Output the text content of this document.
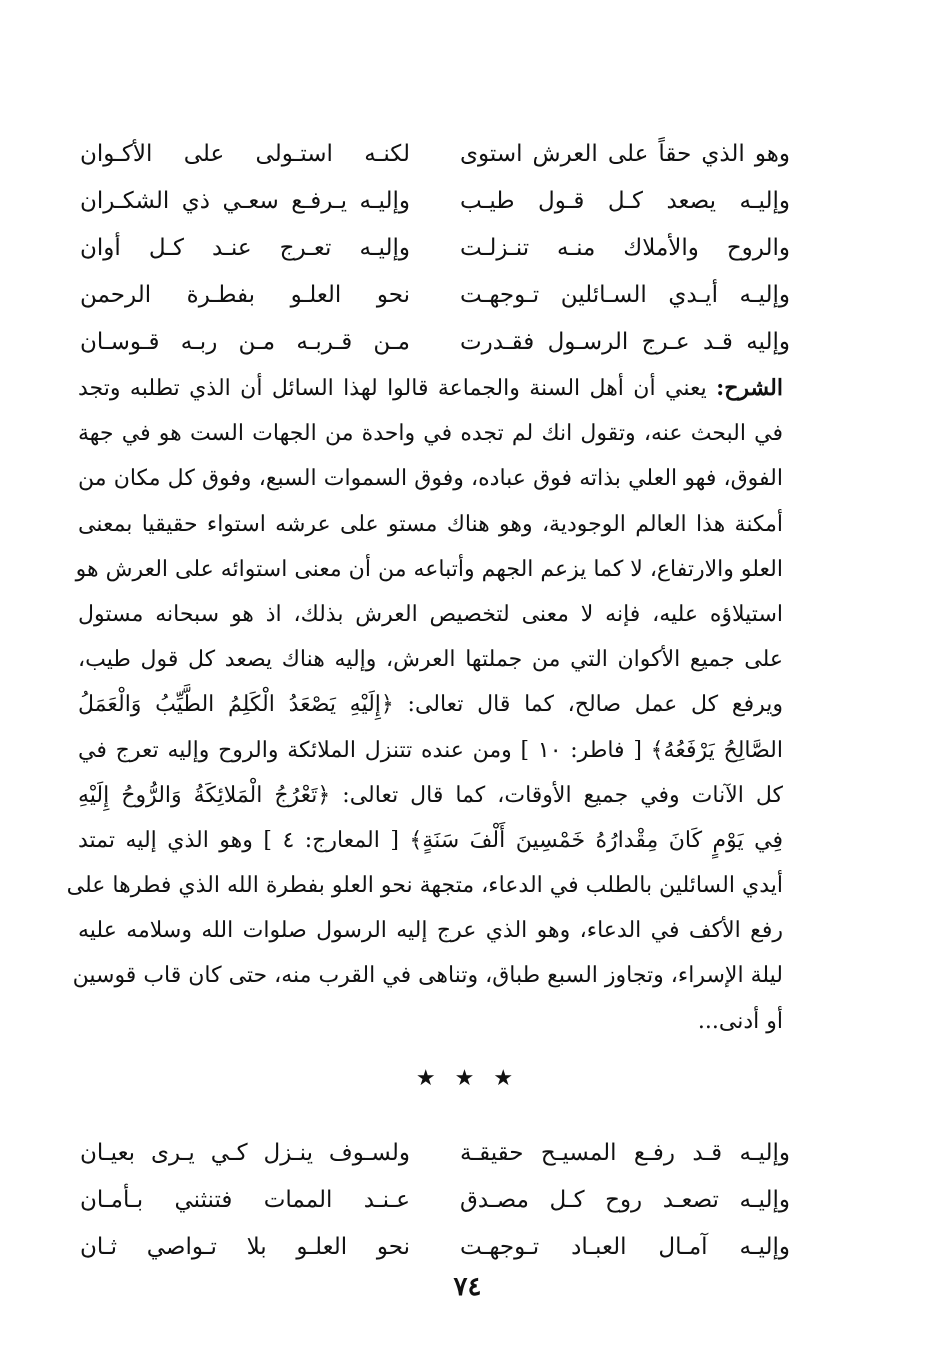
وهو الذي حقاً على العرش استوى
لكنـه استـولى على الأكـوان
وإليـه يصعد كـل قـول طيـب
وإليـه يـرفـع سعـي ذي الشكـران
والروح والأملاك منـه تنـزلـت
وإليـه تعـرج عنـد كـل أوان
وإليـه أيـدي السـائلين تـوجهـت
نحو العلـو بفطـرة الرحمن
وإليه قـد عـرج الرسـول فقـدرت
مـن قـربـه مـن ربـه قـوسـان
الشرح: يعني أن أهل السنة والجماعة قالوا لهذا السائل أن الذي تطلبه وتجد
في البحث عنه، وتقول انك لم تجده في واحدة من الجهات الست هو في جهة
الفوق، فهو العلي بذاته فوق عباده، وفوق السموات السبع، وفوق كل مكان من
أمكنة هذا العالم الوجودية، وهو هناك مستو على عرشه استواء حقيقيا بمعنى
العلو والارتفاع، لا كما يزعم الجهم وأتباعه من أن معنى استوائه على العرش هو
استيلاؤه عليه، فإنه لا معنى لتخصيص العرش بذلك، اذ هو سبحانه مستول
على جميع الأكوان التي من جملتها العرش، وإليه هناك يصعد كل قول طيب،
ويرفع كل عمل صالح، كما قال تعالى: ﴿إِلَيْهِ يَصْعَدُ الْكَلِمُ الطَّيِّبُ وَالْعَمَلُ
الصَّالِحُ يَرْفَعُهُ﴾ [ فاطر: ١٠ ] ومن عنده تتنزل الملائكة والروح وإليه تعرج في
كل الآنات وفي جميع الأوقات، كما قال تعالى: ﴿تَعْرُجُ الْمَلائِكَةُ وَالرُّوحُ إِلَيْهِ
فِي يَوْمٍ كَانَ مِقْدارُهُ خَمْسِينَ أَلْفَ سَنَةٍ﴾ [ المعارج: ٤ ] وهو الذي إليه تمتد
أيدي السائلين بالطلب في الدعاء، متجهة نحو العلو بفطرة الله الذي فطرها على
رفع الأكف في الدعاء، وهو الذي عرج إليه الرسول صلوات الله وسلامه عليه
ليلة الإسراء، وتجاوز السبع طباق، وتناهى في القرب منه، حتى كان قاب قوسين
أو أدنى...
★ ★ ★
وإليـه قـد رفـع المسيـح حقيقـة
ولسـوف ينـزل كـي يـرى بعيـان
وإليـه تصعـد روح كـل مصـدق
عـنـد الممات فتنثني بـأمـان
وإليـه آمـال العبـاد تـوجهـت
نحو العلـو بلا تـواصي ثـان
٧٤
